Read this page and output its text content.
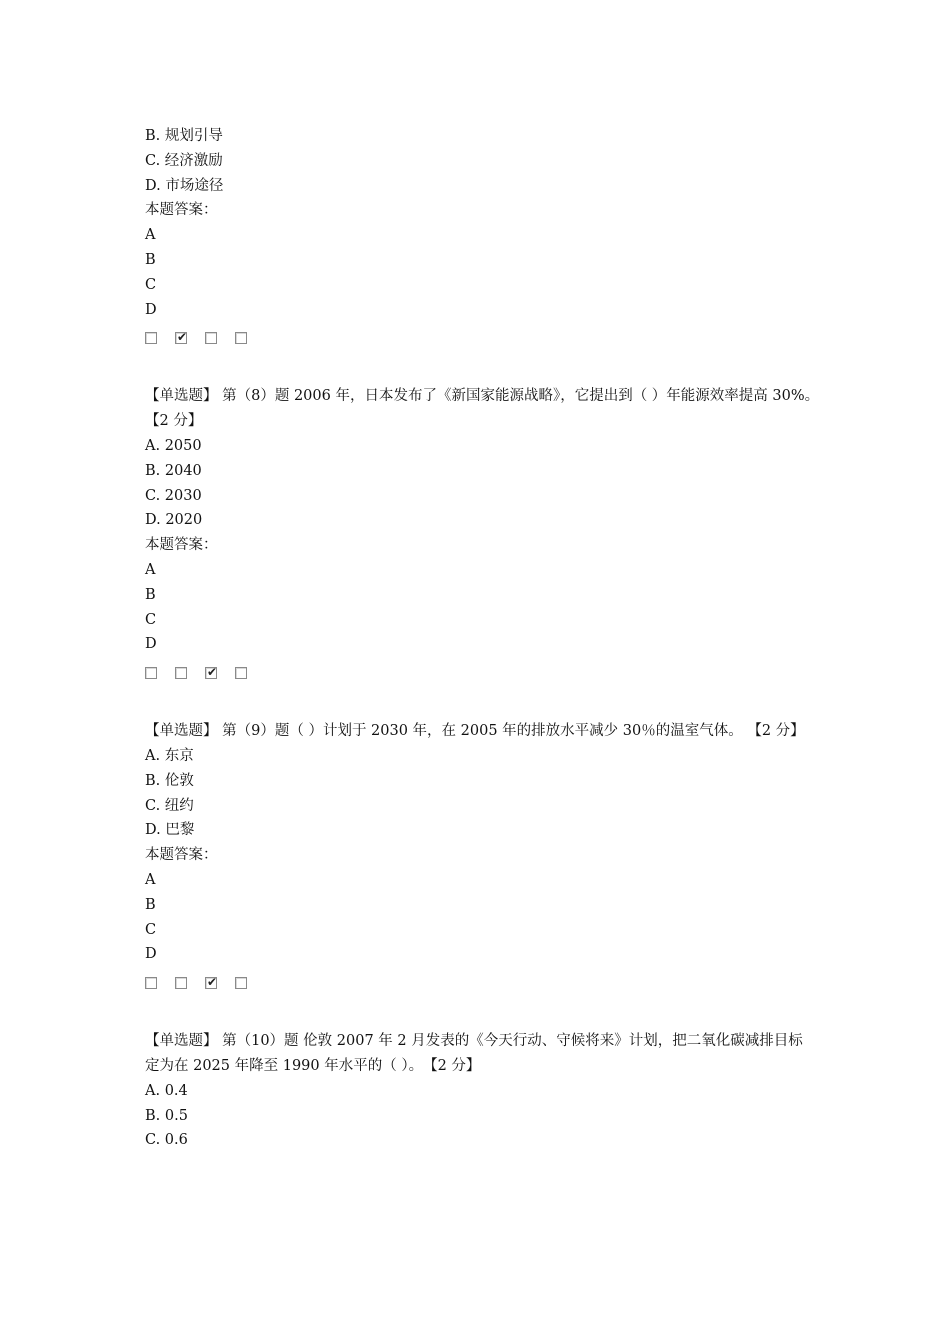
B. 规划引导
C. 经济激励
D. 市场途径
本题答案：
A
B
C
D
✔
【单选题】 第（8）题 2006 年，日本发布了《新国家能源战略》，它提出到（ ）年能源效率提高 30%。　【2 分】
A. 2050
B. 2040
C. 2030
D. 2020
本题答案：
A
B
C
D
✔
【单选题】 第（9）题（ ）计划于 2030 年，在 2005 年的排放水平减少 30％的温室气体。 【2 分】
A. 东京
B. 伦敦
C. 纽约
D. 巴黎
本题答案：
A
B
C
D
✔
【单选题】 第（10）题 伦敦 2007 年 2 月发表的《今天行动、守候将来》计划，把二氧化碳减排目标定为在 2025 年降至 1990 年水平的（ ）。　【2 分】
A. 0.4
B. 0.5
C. 0.6
